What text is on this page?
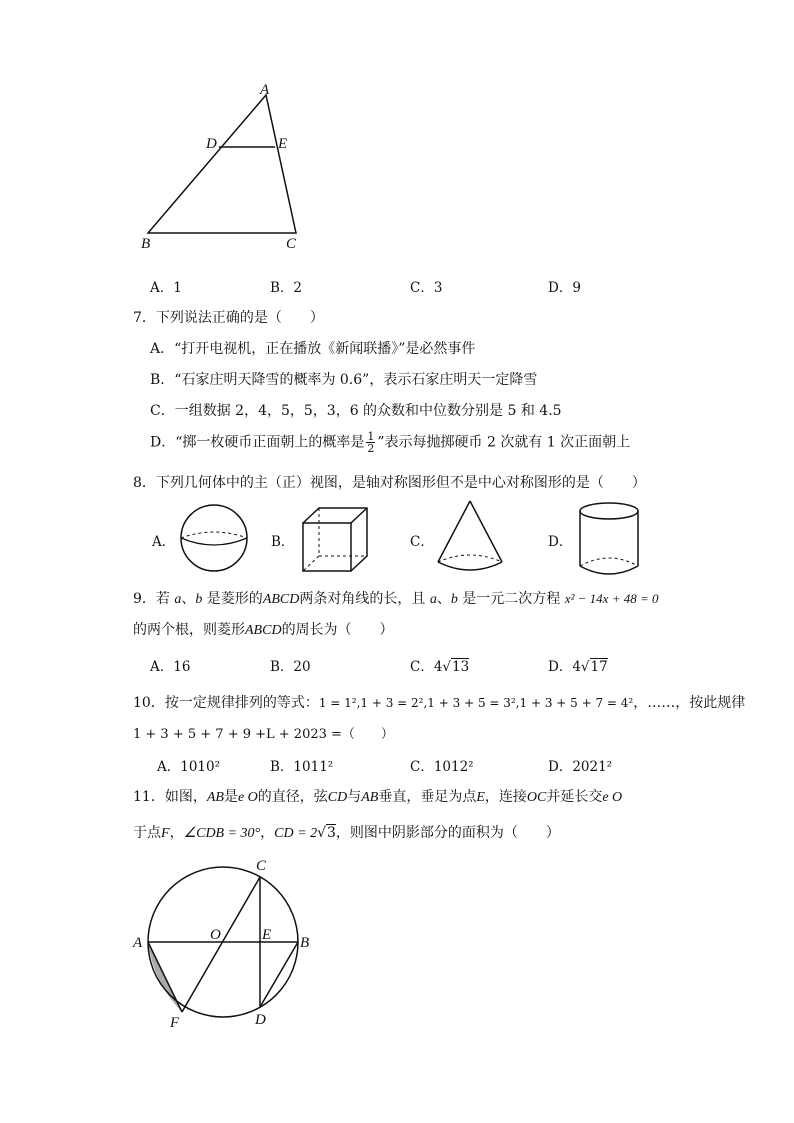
A
D	E
B	C
A．1	B．2	C．3	D．9
7．下列说法正确的是（　　）
A．“打开电视机，正在播放《新闻联播》”是必然事件
B．“石家庄明天降雪的概率为 0.6”，表示石家庄明天一定降雪
C．一组数据 2，4，5，5，3，6 的众数和中位数分别是 5 和 4.5
D．“掷一枚硬币正面朝上的概率是 $\frac{1}{2}$ ”表示每抛掷硬币 2 次就有 1 次正面朝上
8．下列几何体中的主（正）视图，是轴对称图形但不是中心对称图形的是（　　）
A．	B．	C．	D．
9．若 a、b 是菱形的ABCD两条对角线的长，且 a、b 是一元二次方程 x² − 14x + 48 = 0
的两个根，则菱形ABCD的周长为（　　）
A．16	B．20	C．4√13	D．4√17
10．按一定规律排列的等式：1 = 1²,1 + 3 = 2²,1 + 3 + 5 = 3²,1 + 3 + 5 + 7 = 4²，……，按此规律
1 + 3 + 5 + 7 + 9 +L + 2023 =（　　）
A．1010²	B．1011²	C．1012²	D．2021²
11．如图，AB是e O的直径，弦CD与AB垂直，垂足为点E，连接OC并延长交e O
于点F，∠CDB = 30°，CD = 2√3，则图中阴影部分的面积为（　　）
C
A	O	E B
F	D
